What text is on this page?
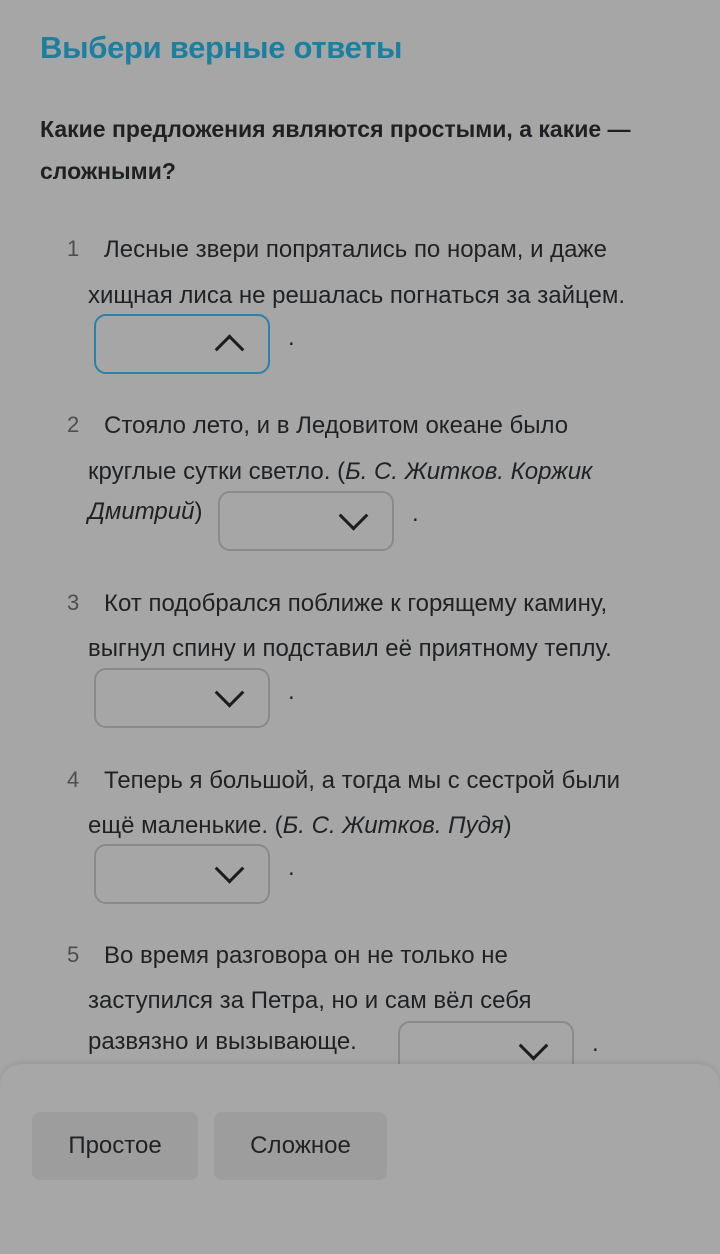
Выбери верные ответы
Какие предложения являются простыми, а какие — сложными?
1 Лесные звери попрятались по норам, и даже
хищная лиса не решалась погнаться за зайцем.
.
2 Стояло лето, и в Ледовитом океане было
круглые сутки светло. (Б. С. Житков. Коржик
Дмитрий)	.
3 Кот подобрался поближе к горящему камину,
выгнул спину и подставил её приятному теплу.
.
4 Теперь я большой, а тогда мы с сестрой были
ещё маленькие. (Б. С. Житков. Пудя)
.
5 Во время разговора он не только не
заступился за Петра, но и сам вёл себя
развязно и вызывающе.	.
Простое	Сложное
